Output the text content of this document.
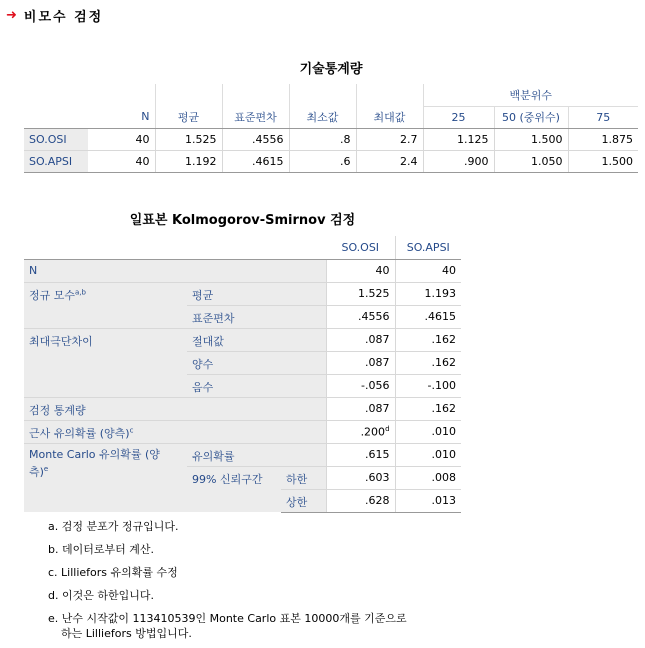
➜ 비모수 검정
기술통계량
						백분위수		
	N	평균	표준편차	최소값	최대값	25	50 (중위수)	75
SO.OSI	40	1.525	.4556	.8	2.7	1.125	1.500	1.875
SO.APSI	40	1.192	.4615	.6	2.4	.900	1.050	1.500
일표본 Kolmogorov-Smirnov 검정
			SO.OSI	SO.APSI
N			40	40
정규 모수$^{a,b}$	평균		1.525	1.193
	표준편차		.4556	.4615
최대극단차이	절대값		.087	.162
	양수		.087	.162
	음수		-.056	-.100
검정 통계량			.087	.162
근사 유의확률 (양측)$^c$			.200$^d$	.010
Monte Carlo 유의확률 (양측)$^e$	유의확률		.615	.010
	99% 신뢰구간	하한	.603	.008
		상한	.628	.013
a. 검정 분포가 정규입니다.
b. 데이터로부터 계산.
c. Lilliefors 유의확률 수정
d. 이것은 하한입니다.
e. 난수 시작값이 113410539인 Monte Carlo 표본 10000개를 기준으로
하는 Lilliefors 방법입니다.
